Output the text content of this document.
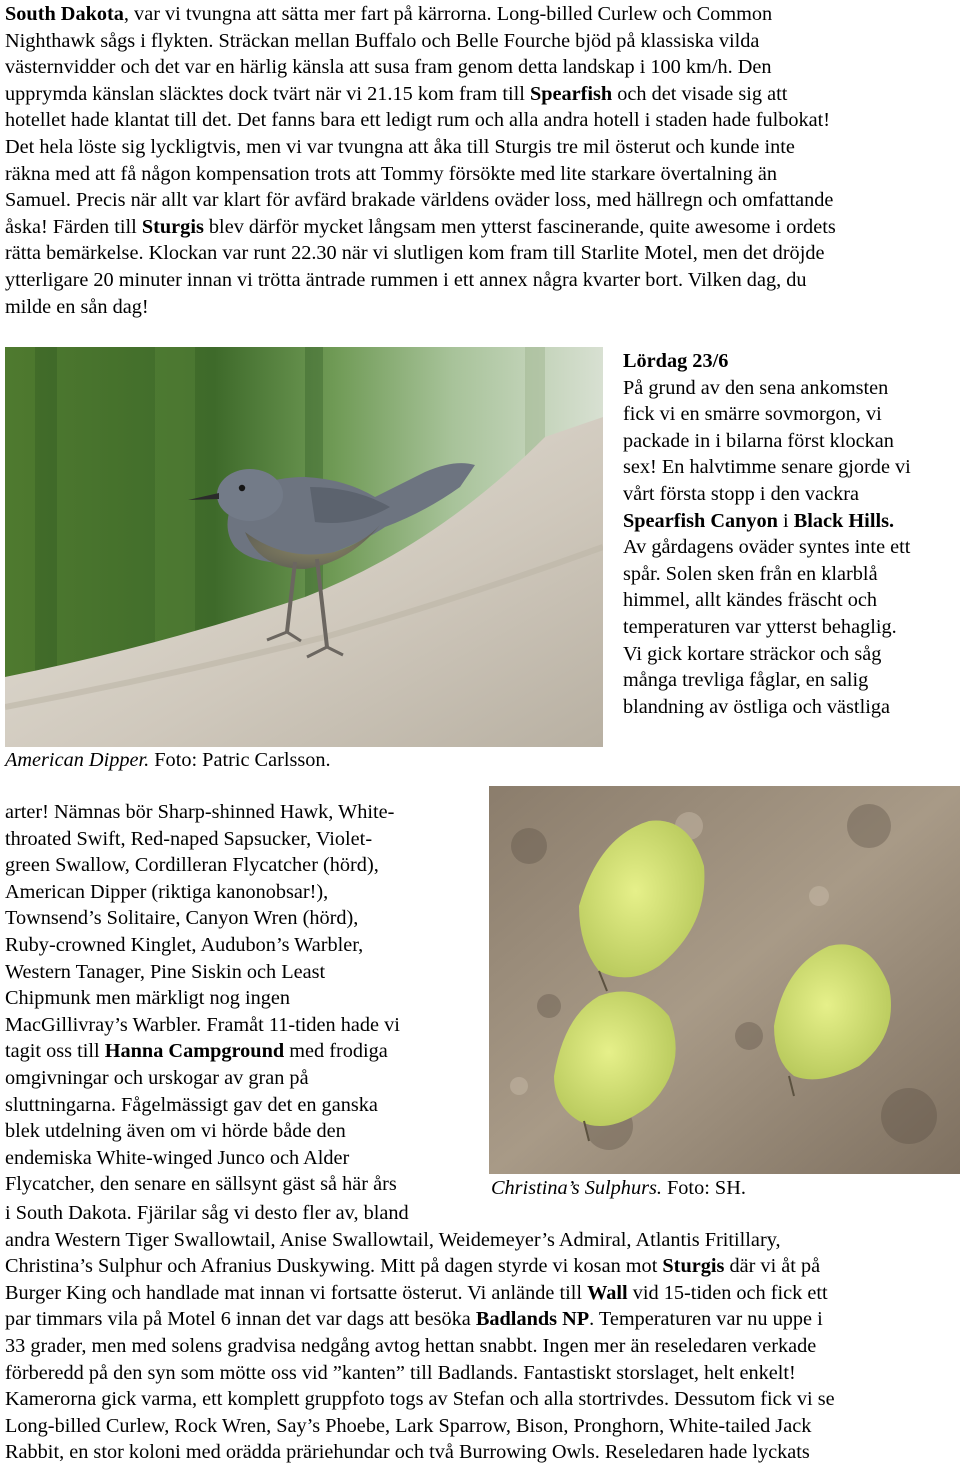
American Dipper. Foto: Patric Carlsson.
Christina’s Sulphurs. Foto: SH.
South Dakota, var vi tvungna att sätta mer fart på kärrorna. Long-billed Curlew och Common
Nighthawk sågs i flykten. Sträckan mellan Buffalo och Belle Fourche bjöd på klassiska vilda
västernvidder och det var en härlig känsla att susa fram genom detta landskap i 100 km/h. Den
upprymda känslan släcktes dock tvärt när vi 21.15 kom fram till Spearfish och det visade sig att
hotellet hade klantat till det. Det fanns bara ett ledigt rum och alla andra hotell i staden hade fulbokat!
Det hela löste sig lyckligtvis, men vi var tvungna att åka till Sturgis tre mil österut och kunde inte
räkna med att få någon kompensation trots att Tommy försökte med lite starkare övertalning än
Samuel. Precis när allt var klart för avfärd brakade världens oväder loss, med hällregn och omfattande
åska! Färden till Sturgis blev därför mycket långsam men ytterst fascinerande, quite awesome i ordets
rätta bemärkelse. Klockan var runt 22.30 när vi slutligen kom fram till Starlite Motel, men det dröjde
ytterligare 20 minuter innan vi trötta äntrade rummen i ett annex några kvarter bort. Vilken dag, du
milde en sån dag!
Lördag 23/6
På grund av den sena ankomsten
fick vi en smärre sovmorgon, vi
packade in i bilarna först klockan
sex! En halvtimme senare gjorde vi
vårt första stopp i den vackra
Spearfish Canyon i Black Hills.
Av gårdagens oväder syntes inte ett
spår. Solen sken från en klarblå
himmel, allt kändes fräscht och
temperaturen var ytterst behaglig.
Vi gick kortare sträckor och såg
många trevliga fåglar, en salig
blandning av östliga och västliga
arter! Nämnas bör Sharp-shinned Hawk, White-
throated Swift, Red-naped Sapsucker, Violet-
green Swallow, Cordilleran Flycatcher (hörd),
American Dipper (riktiga kanonobsar!),
Townsend’s Solitaire, Canyon Wren (hörd),
Ruby-crowned Kinglet, Audubon’s Warbler,
Western Tanager, Pine Siskin och Least
Chipmunk men märkligt nog ingen
MacGillivray’s Warbler. Framåt 11-tiden hade vi
tagit oss till Hanna Campground med frodiga
omgivningar och urskogar av gran på
sluttningarna. Fågelmässigt gav det en ganska
blek utdelning även om vi hörde både den
endemiska White-winged Junco och Alder
Flycatcher, den senare en sällsynt gäst så här års
i South Dakota. Fjärilar såg vi desto fler av, bland
andra Western Tiger Swallowtail, Anise Swallowtail, Weidemeyer’s Admiral, Atlantis Fritillary,
Christina’s Sulphur och Afranius Duskywing. Mitt på dagen styrde vi kosan mot Sturgis där vi åt på
Burger King och handlade mat innan vi fortsatte österut. Vi anlände till Wall vid 15-tiden och fick ett
par timmars vila på Motel 6 innan det var dags att besöka Badlands NP. Temperaturen var nu uppe i
33 grader, men med solens gradvisa nedgång avtog hettan snabbt. Ingen mer än reseledaren verkade
förberedd på den syn som mötte oss vid ”kanten” till Badlands. Fantastiskt storslaget, helt enkelt!
Kamerorna gick varma, ett komplett gruppfoto togs av Stefan och alla stortrivdes. Dessutom fick vi se
Long-billed Curlew, Rock Wren, Say’s Phoebe, Lark Sparrow, Bison, Pronghorn, White-tailed Jack
Rabbit, en stor koloni med orädda präriehundar och två Burrowing Owls. Reseledaren hade lyckats
